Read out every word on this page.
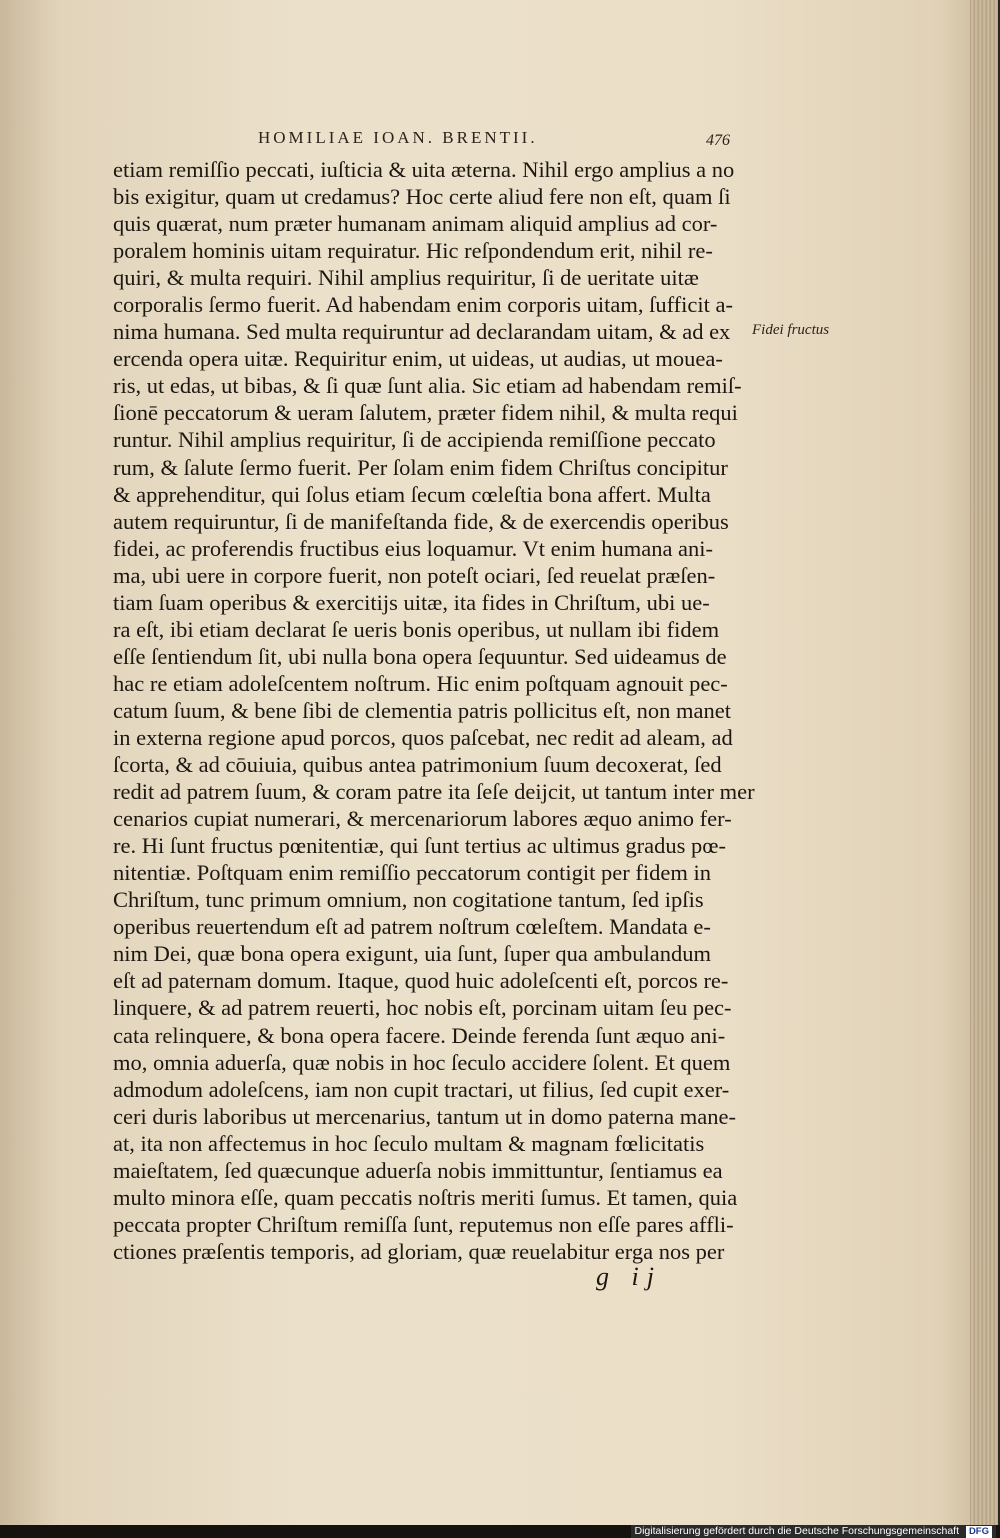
HOMILIAE IOAN. BRENTII.	476
etiam remiſſio peccati, iuſticia & uita æterna. Nihil ergo amplius a no
bis exigitur, quam ut credamus? Hoc certe aliud fere non eſt, quam ſi
quis quærat, num præter humanam animam aliquid amplius ad cor-
poralem hominis uitam requiratur. Hic reſpondendum erit, nihil re-
quiri, & multa requiri. Nihil amplius requiritur, ſi de ueritate uitæ
corporalis ſermo fuerit. Ad habendam enim corporis uitam, ſufficit a-
nima humana. Sed multa requiruntur ad declarandam uitam, & ad ex
ercenda opera uitæ. Requiritur enim, ut uideas, ut audias, ut mouea-
ris, ut edas, ut bibas, & ſi quæ ſunt alia. Sic etiam ad habendam remiſ-
ſionē peccatorum & ueram ſalutem, præter fidem nihil, & multa requi
runtur. Nihil amplius requiritur, ſi de accipienda remiſſione peccato
rum, & ſalute ſermo fuerit. Per ſolam enim fidem Chriſtus concipitur
& apprehenditur, qui ſolus etiam ſecum cœleſtia bona affert. Multa
autem requiruntur, ſi de manifeſtanda fide, & de exercendis operibus
fidei, ac proferendis fructibus eius loquamur. Vt enim humana ani-
ma, ubi uere in corpore fuerit, non poteſt ociari, ſed reuelat præſen-
tiam ſuam operibus & exercitijs uitæ, ita fides in Chriſtum, ubi ue-
ra eſt, ibi etiam declarat ſe ueris bonis operibus, ut nullam ibi fidem
eſſe ſentiendum ſit, ubi nulla bona opera ſequuntur. Sed uideamus de
hac re etiam adoleſcentem noſtrum. Hic enim poſtquam agnouit pec-
catum ſuum, & bene ſibi de clementia patris pollicitus eſt, non manet
in externa regione apud porcos, quos paſcebat, nec redit ad aleam, ad
ſcorta, & ad cōuiuia, quibus antea patrimonium ſuum decoxerat, ſed
redit ad patrem ſuum, & coram patre ita ſeſe deijcit, ut tantum inter mer
cenarios cupiat numerari, & mercenariorum labores æquo animo fer-
re. Hi ſunt fructus pœnitentiæ, qui ſunt tertius ac ultimus gradus pœ-
nitentiæ. Poſtquam enim remiſſio peccatorum contigit per fidem in
Chriſtum, tunc primum omnium, non cogitatione tantum, ſed ipſis
operibus reuertendum eſt ad patrem noſtrum cœleſtem. Mandata e-
nim Dei, quæ bona opera exigunt, uia ſunt, ſuper qua ambulandum
eſt ad paternam domum. Itaque, quod huic adoleſcenti eſt, porcos re-
linquere, & ad patrem reuerti, hoc nobis eſt, porcinam uitam ſeu pec-
cata relinquere, & bona opera facere. Deinde ferenda ſunt æquo ani-
mo, omnia aduerſa, quæ nobis in hoc ſeculo accidere ſolent. Et quem
admodum adoleſcens, iam non cupit tractari, ut filius, ſed cupit exer-
ceri duris laboribus ut mercenarius, tantum ut in domo paterna mane-
at, ita non affectemus in hoc ſeculo multam & magnam fœlicitatis
maieſtatem, ſed quæcunque aduerſa nobis immittuntur, ſentiamus ea
multo minora eſſe, quam peccatis noſtris meriti ſumus. Et tamen, quia
peccata propter Chriſtum remiſſa ſunt, reputemus non eſſe pares affli-
ctiones præſentis temporis, ad gloriam, quæ reuelabitur erga nos per
Fidei fructus
g ij
Digitalisierung gefördert durch die Deutsche Forschungsgemeinschaft DFG
